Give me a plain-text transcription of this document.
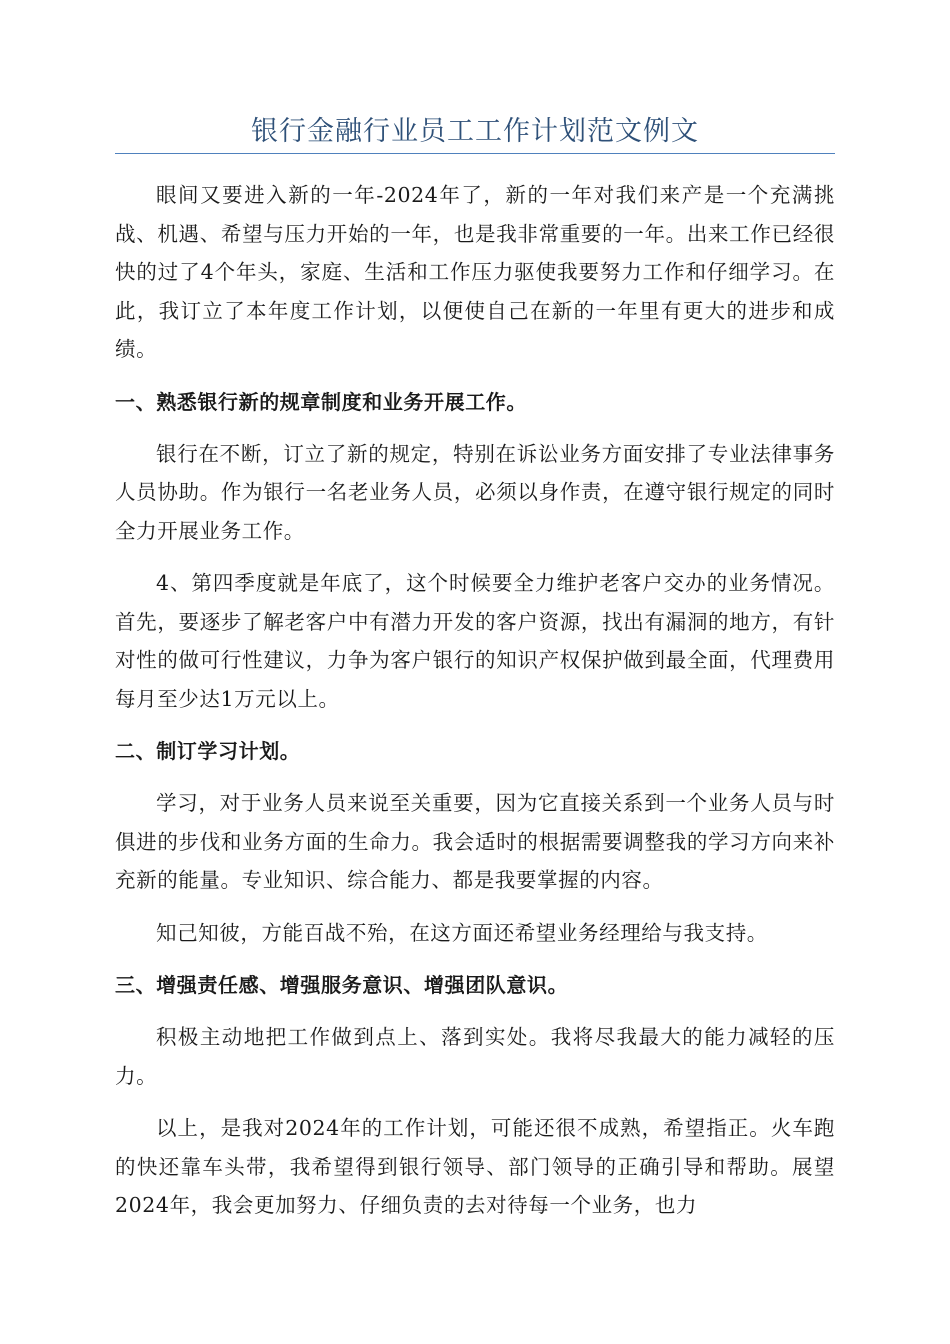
银行金融行业员工工作计划范文例文

眼间又要进入新的一年-2024年了，新的一年对我们来产是一个充满挑战、机遇、希望与压力开始的一年，也是我非常重要的一年。出来工作已经很快的过了4个年头，家庭、生活和工作压力驱使我要努力工作和仔细学习。在此，我订立了本年度工作计划，以便使自己在新的一年里有更大的进步和成绩。

一、熟悉银行新的规章制度和业务开展工作。

银行在不断，订立了新的规定，特别在诉讼业务方面安排了专业法律事务人员协助。作为银行一名老业务人员，必须以身作责，在遵守银行规定的同时全力开展业务工作。

4、第四季度就是年底了，这个时候要全力维护老客户交办的业务情况。首先，要逐步了解老客户中有潜力开发的客户资源，找出有漏洞的地方，有针对性的做可行性建议，力争为客户银行的知识产权保护做到最全面，代理费用每月至少达1万元以上。

二、制订学习计划。

学习，对于业务人员来说至关重要，因为它直接关系到一个业务人员与时俱进的步伐和业务方面的生命力。我会适时的根据需要调整我的学习方向来补充新的能量。专业知识、综合能力、都是我要掌握的内容。

知己知彼，方能百战不殆，在这方面还希望业务经理给与我支持。

三、增强责任感、增强服务意识、增强团队意识。

积极主动地把工作做到点上、落到实处。我将尽我最大的能力减轻的压力。

以上，是我对2024年的工作计划，可能还很不成熟，希望指正。火车跑的快还靠车头带，我希望得到银行领导、部门领导的正确引导和帮助。展望2024年，我会更加努力、仔细负责的去对待每一个业务，也力
